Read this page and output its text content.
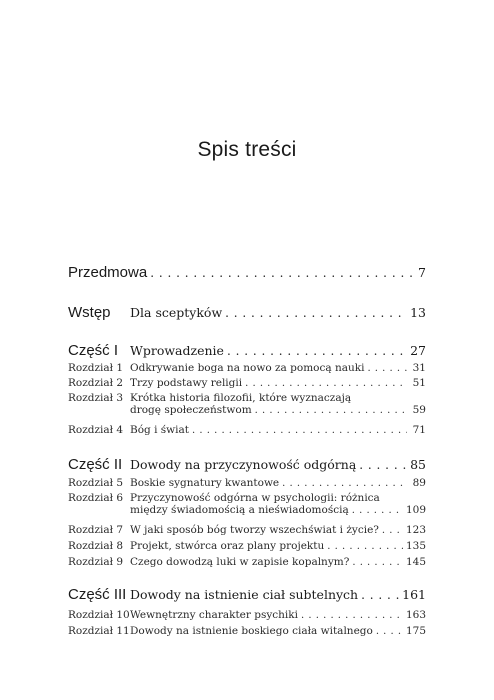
Spis treści
Przedmowa . . .	7
Wstęp	Dla sceptyków . . .	13
Część I Wprowadzenie . . .	27
Rozdział 1 Odkrywanie boga na nowo za pomocą nauki . . .	31
Rozdział 2 Trzy podstawy religii . . .	51
Rozdział 3 Krótka historia filozofii, które wyznaczają
drogę społeczeństwom . . .	59
Rozdział 4 Bóg i świat . . .	71
Część II Dowody na przyczynowość odgórną . . .	85
Rozdział 5 Boskie sygnatury kwantowe . . .	89
Rozdział 6 Przyczynowość odgórna w psychologii: różnica
między świadomością a nieświadomością . . .	109
Rozdział 7 W jaki sposób bóg tworzy wszechświat i życie? . . .	123
Rozdział 8 Projekt, stwórca oraz plany projektu . . .	135
Rozdział 9 Czego dowodzą luki w zapisie kopalnym? . . .	145
Część III Dowody na istnienie ciał subtelnych . . .	161
Rozdział 10 Wewnętrzny charakter psychiki . . .	163
Rozdział 11 Dowody na istnienie boskiego ciała witalnego . . .	175
